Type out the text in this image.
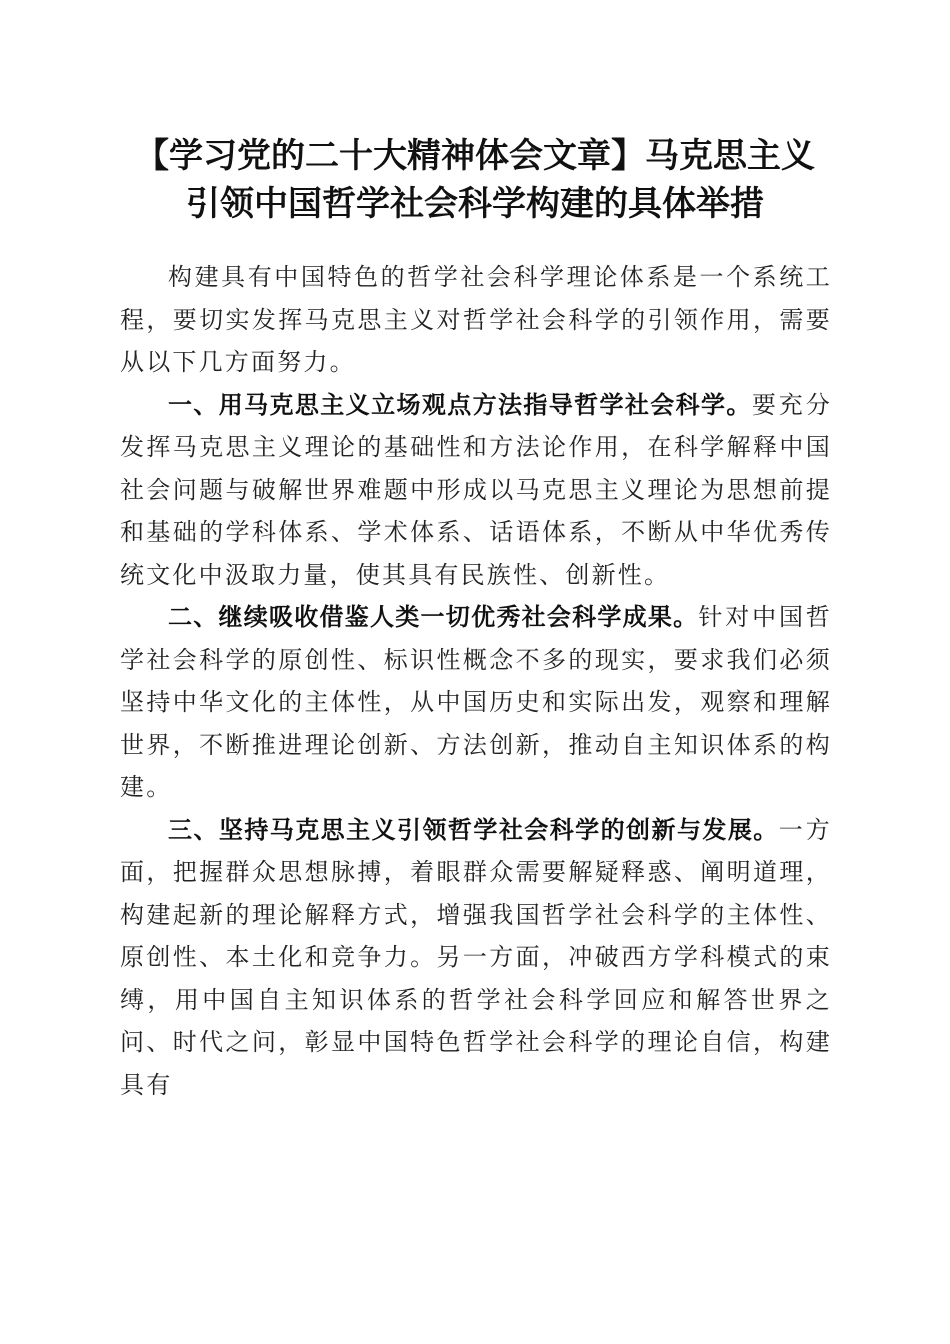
【学习党的二十大精神体会文章】马克思主义
引领中国哲学社会科学构建的具体举措

构建具有中国特色的哲学社会科学理论体系是一个系统工程，要切实发挥马克思主义对哲学社会科学的引领作用，需要从以下几方面努力。

一、用马克思主义立场观点方法指导哲学社会科学。要充分发挥马克思主义理论的基础性和方法论作用，在科学解释中国社会问题与破解世界难题中形成以马克思主义理论为思想前提和基础的学科体系、学术体系、话语体系，不断从中华优秀传统文化中汲取力量，使其具有民族性、创新性。

二、继续吸收借鉴人类一切优秀社会科学成果。针对中国哲学社会科学的原创性、标识性概念不多的现实，要求我们必须坚持中华文化的主体性，从中国历史和实际出发，观察和理解世界，不断推进理论创新、方法创新，推动自主知识体系的构建。

三、坚持马克思主义引领哲学社会科学的创新与发展。一方面，把握群众思想脉搏，着眼群众需要解疑释惑、阐明道理，构建起新的理论解释方式，增强我国哲学社会科学的主体性、原创性、本土化和竞争力。另一方面，冲破西方学科模式的束缚，用中国自主知识体系的哲学社会科学回应和解答世界之问、时代之问，彰显中国特色哲学社会科学的理论自信，构建具有
